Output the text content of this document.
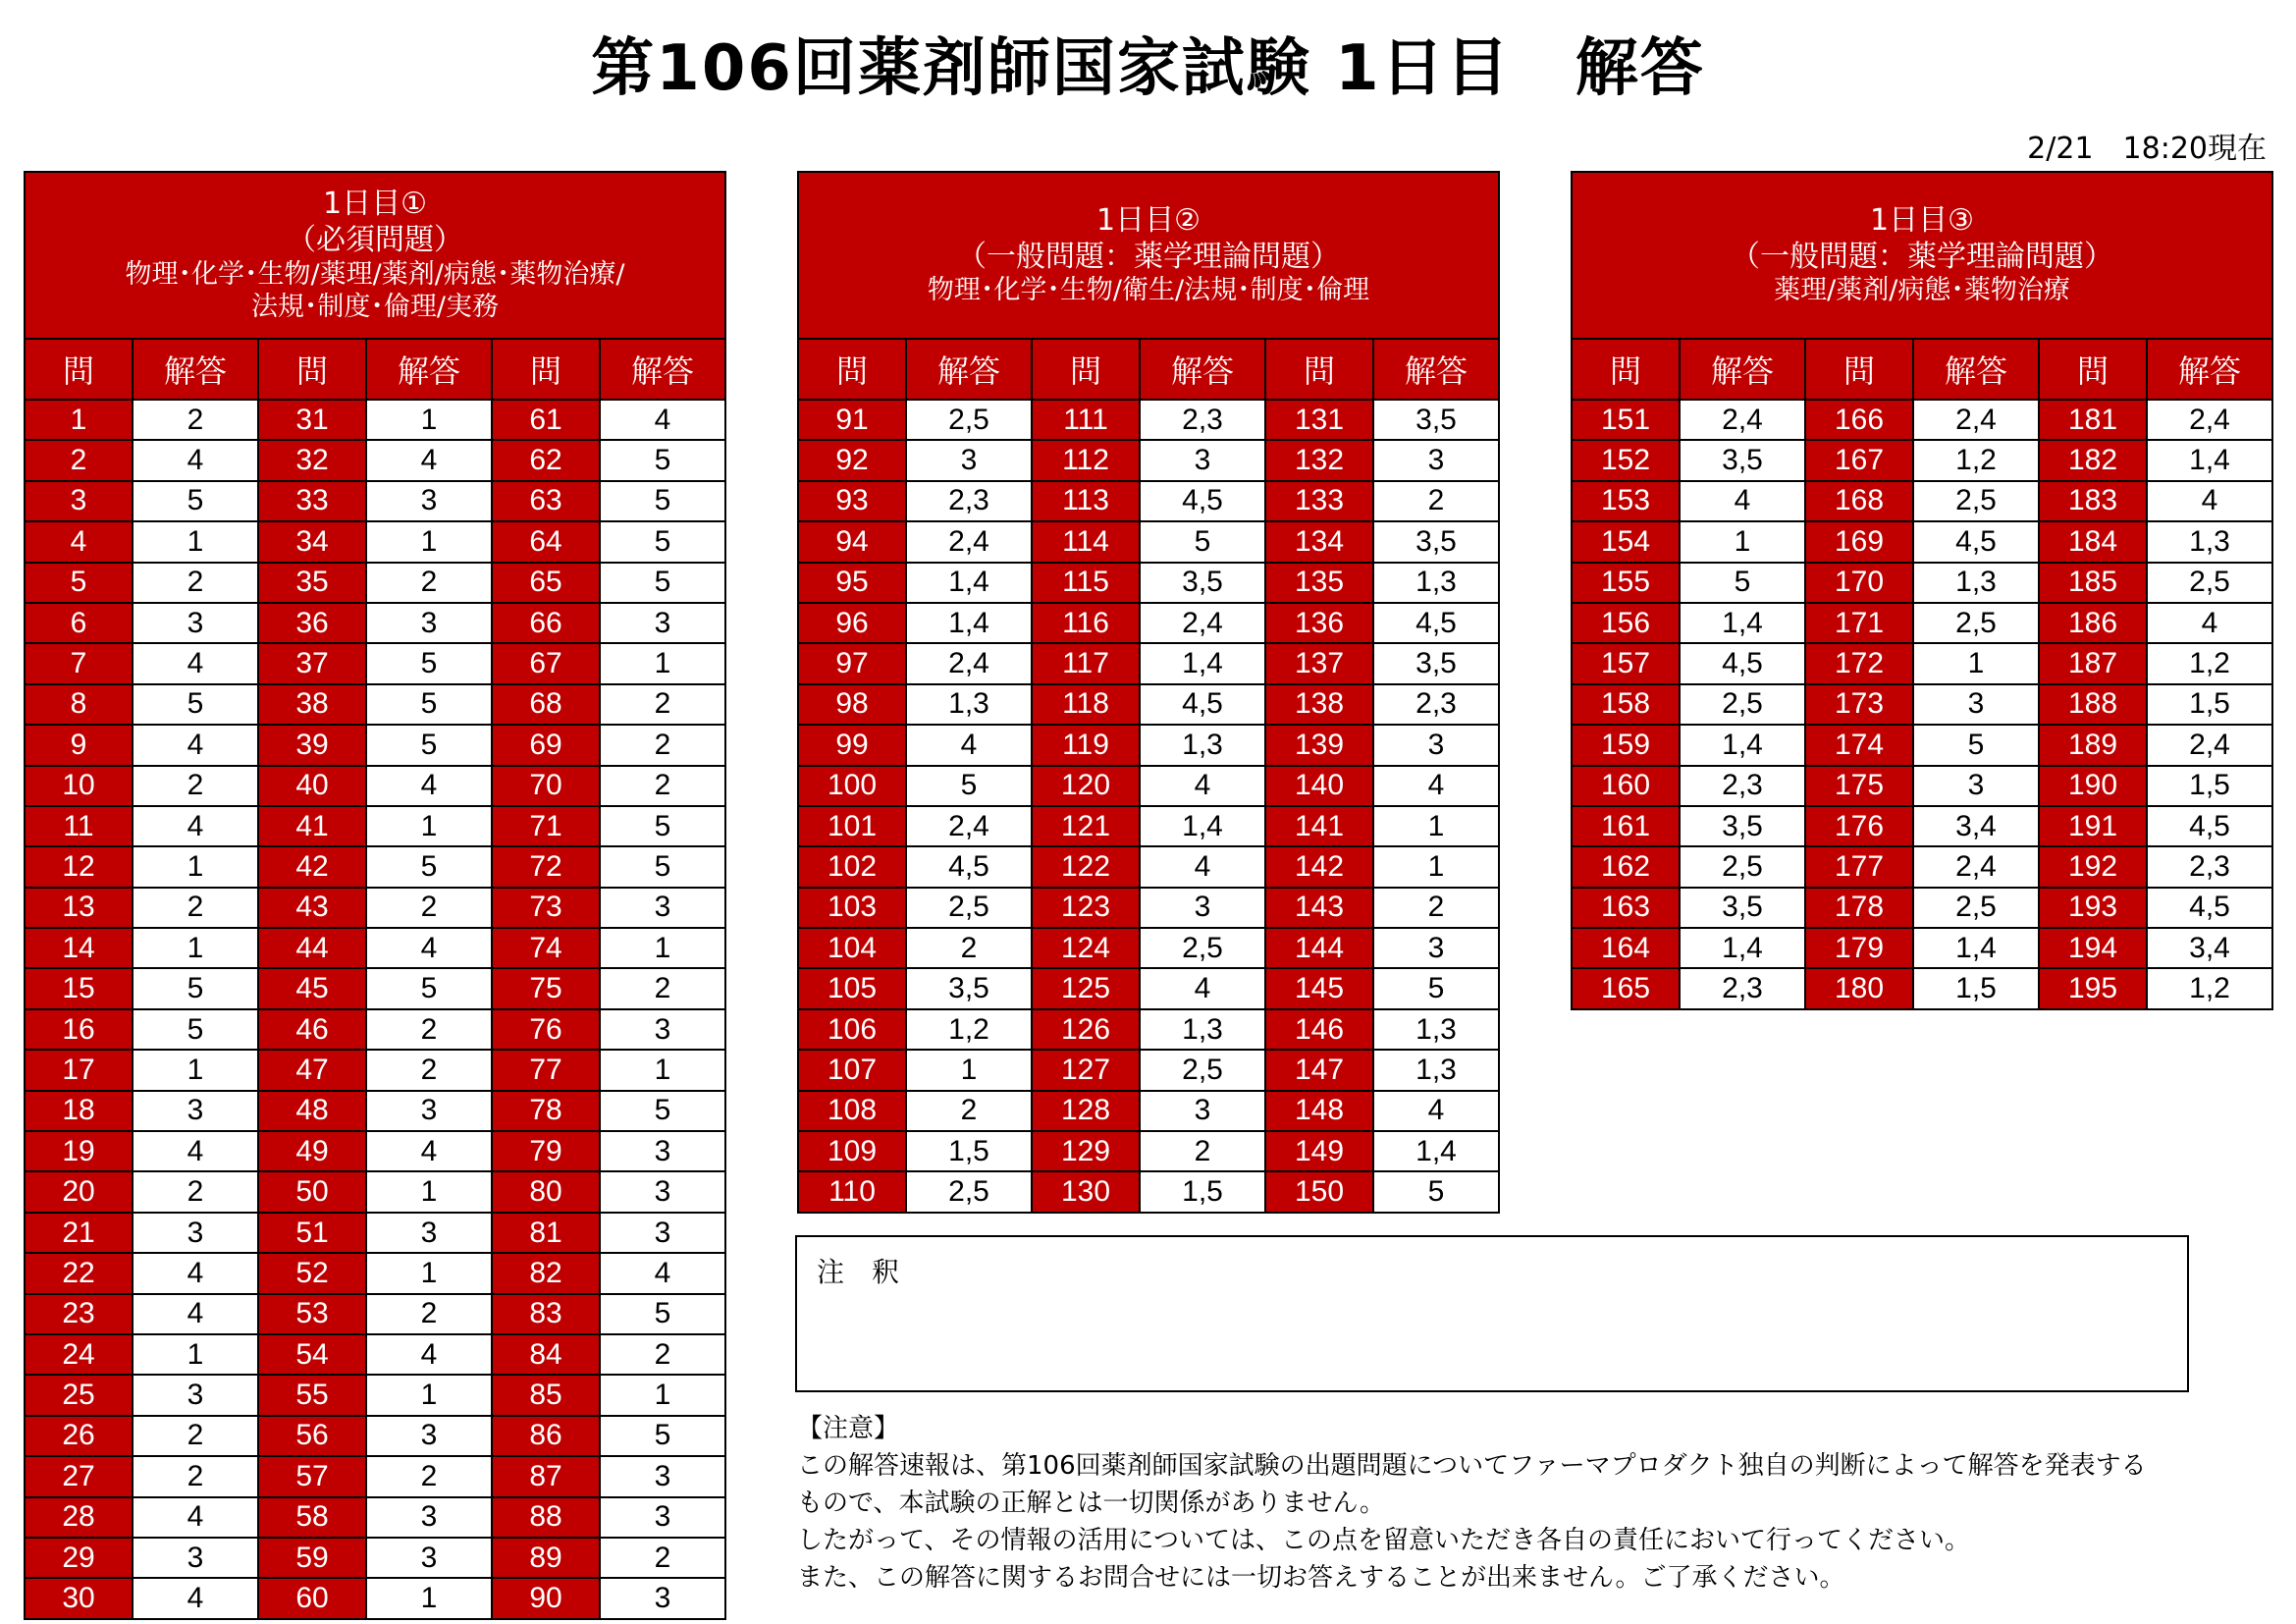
第106回薬剤師国家試験 1日目　解答
2/21　18:20現在
1日目①
（必須問題）
物理･化学･生物/薬理/薬剤/病態･薬物治療/
法規･制度･倫理/実務					

問	解答	問	解答	問	解答
1	2	31	1	61	4
2	4	32	4	62	5
3	5	33	3	63	5
4	1	34	1	64	5
5	2	35	2	65	5
6	3	36	3	66	3
7	4	37	5	67	1
8	5	38	5	68	2
9	4	39	5	69	2
10	2	40	4	70	2
11	4	41	1	71	5
12	1	42	5	72	5
13	2	43	2	73	3
14	1	44	4	74	1
15	5	45	5	75	2
16	5	46	2	76	3
17	1	47	2	77	1
18	3	48	3	78	5
19	4	49	4	79	3
20	2	50	1	80	3
21	3	51	3	81	3
22	4	52	1	82	4
23	4	53	2	83	5
24	1	54	4	84	2
25	3	55	1	85	1
26	2	56	3	86	5
27	2	57	2	87	3
28	4	58	3	88	3
29	3	59	3	89	2
30	4	60	1	90	3
1日目②
（一般問題：薬学理論問題）
物理･化学･生物/衛生/法規･制度･倫理					

問	解答	問	解答	問	解答
91	2,5	111	2,3	131	3,5
92	3	112	3	132	3
93	2,3	113	4,5	133	2
94	2,4	114	5	134	3,5
95	1,4	115	3,5	135	1,3
96	1,4	116	2,4	136	4,5
97	2,4	117	1,4	137	3,5
98	1,3	118	4,5	138	2,3
99	4	119	1,3	139	3
100	5	120	4	140	4
101	2,4	121	1,4	141	1
102	4,5	122	4	142	1
103	2,5	123	3	143	2
104	2	124	2,5	144	3
105	3,5	125	4	145	5
106	1,2	126	1,3	146	1,3
107	1	127	2,5	147	1,3
108	2	128	3	148	4
109	1,5	129	2	149	1,4
110	2,5	130	1,5	150	5
1日目③
（一般問題：薬学理論問題）
薬理/薬剤/病態･薬物治療					

問	解答	問	解答	問	解答
151	2,4	166	2,4	181	2,4
152	3,5	167	1,2	182	1,4
153	4	168	2,5	183	4
154	1	169	4,5	184	1,3
155	5	170	1,3	185	2,5
156	1,4	171	2,5	186	4
157	4,5	172	1	187	1,2
158	2,5	173	3	188	1,5
159	1,4	174	5	189	2,4
160	2,3	175	3	190	1,5
161	3,5	176	3,4	191	4,5
162	2,5	177	2,4	192	2,3
163	3,5	178	2,5	193	4,5
164	1,4	179	1,4	194	3,4
165	2,3	180	1,5	195	1,2
注　釈
【注意】
この解答速報は、第106回薬剤師国家試験の出題問題についてファーマプロダクト独自の判断によって解答を発表する
もので、本試験の正解とは一切関係がありません。
したがって、その情報の活用については、この点を留意いただき各自の責任において行ってください。
また、この解答に関するお問合せには一切お答えすることが出来ません。ご了承ください。
